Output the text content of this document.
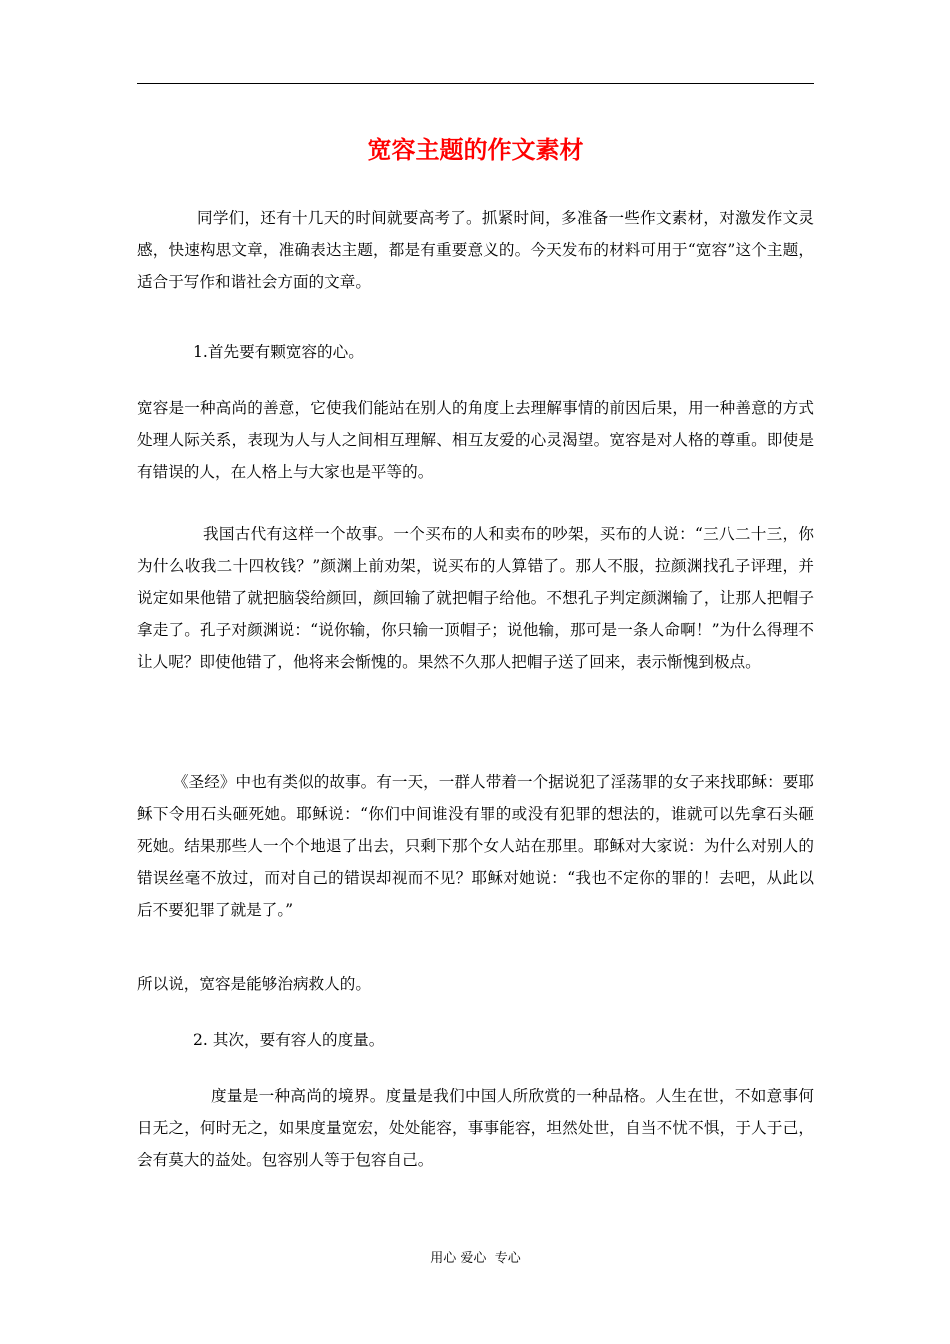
宽容主题的作文素材
同学们，还有十几天的时间就要高考了。抓紧时间，多准备一些作文素材，对激发作文灵感，快速构思文章，准确表达主题，都是有重要意义的。今天发布的材料可用于“宽容”这个主题，适合于写作和谐社会方面的文章。
1.首先要有颗宽容的心。
宽容是一种高尚的善意，它使我们能站在别人的角度上去理解事情的前因后果，用一种善意的方式处理人际关系，表现为人与人之间相互理解、相互友爱的心灵渴望。宽容是对人格的尊重。即使是有错误的人，在人格上与大家也是平等的。
我国古代有这样一个故事。一个买布的人和卖布的吵架，买布的人说：“三八二十三，你为什么收我二十四枚钱？”颜渊上前劝架，说买布的人算错了。那人不服，拉颜渊找孔子评理，并说定如果他错了就把脑袋给颜回，颜回输了就把帽子给他。不想孔子判定颜渊输了，让那人把帽子拿走了。孔子对颜渊说：“说你输，你只输一顶帽子；说他输，那可是一条人命啊！”为什么得理不让人呢？即使他错了，他将来会惭愧的。果然不久那人把帽子送了回来，表示惭愧到极点。
《圣经》中也有类似的故事。有一天，一群人带着一个据说犯了淫荡罪的女子来找耶稣：要耶稣下令用石头砸死她。耶稣说：“你们中间谁没有罪的或没有犯罪的想法的，谁就可以先拿石头砸死她。结果那些人一个个地退了出去，只剩下那个女人站在那里。耶稣对大家说：为什么对别人的错误丝毫不放过，而对自己的错误却视而不见？耶稣对她说：“我也不定你的罪的！去吧，从此以后不要犯罪了就是了。”
所以说，宽容是能够治病救人的。
2. 其次，要有容人的度量。
度量是一种高尚的境界。度量是我们中国人所欣赏的一种品格。人生在世，不如意事何日无之，何时无之，如果度量宽宏，处处能容，事事能容，坦然处世，自当不忧不惧，于人于己，会有莫大的益处。包容别人等于包容自己。
用心 爱心  专心
